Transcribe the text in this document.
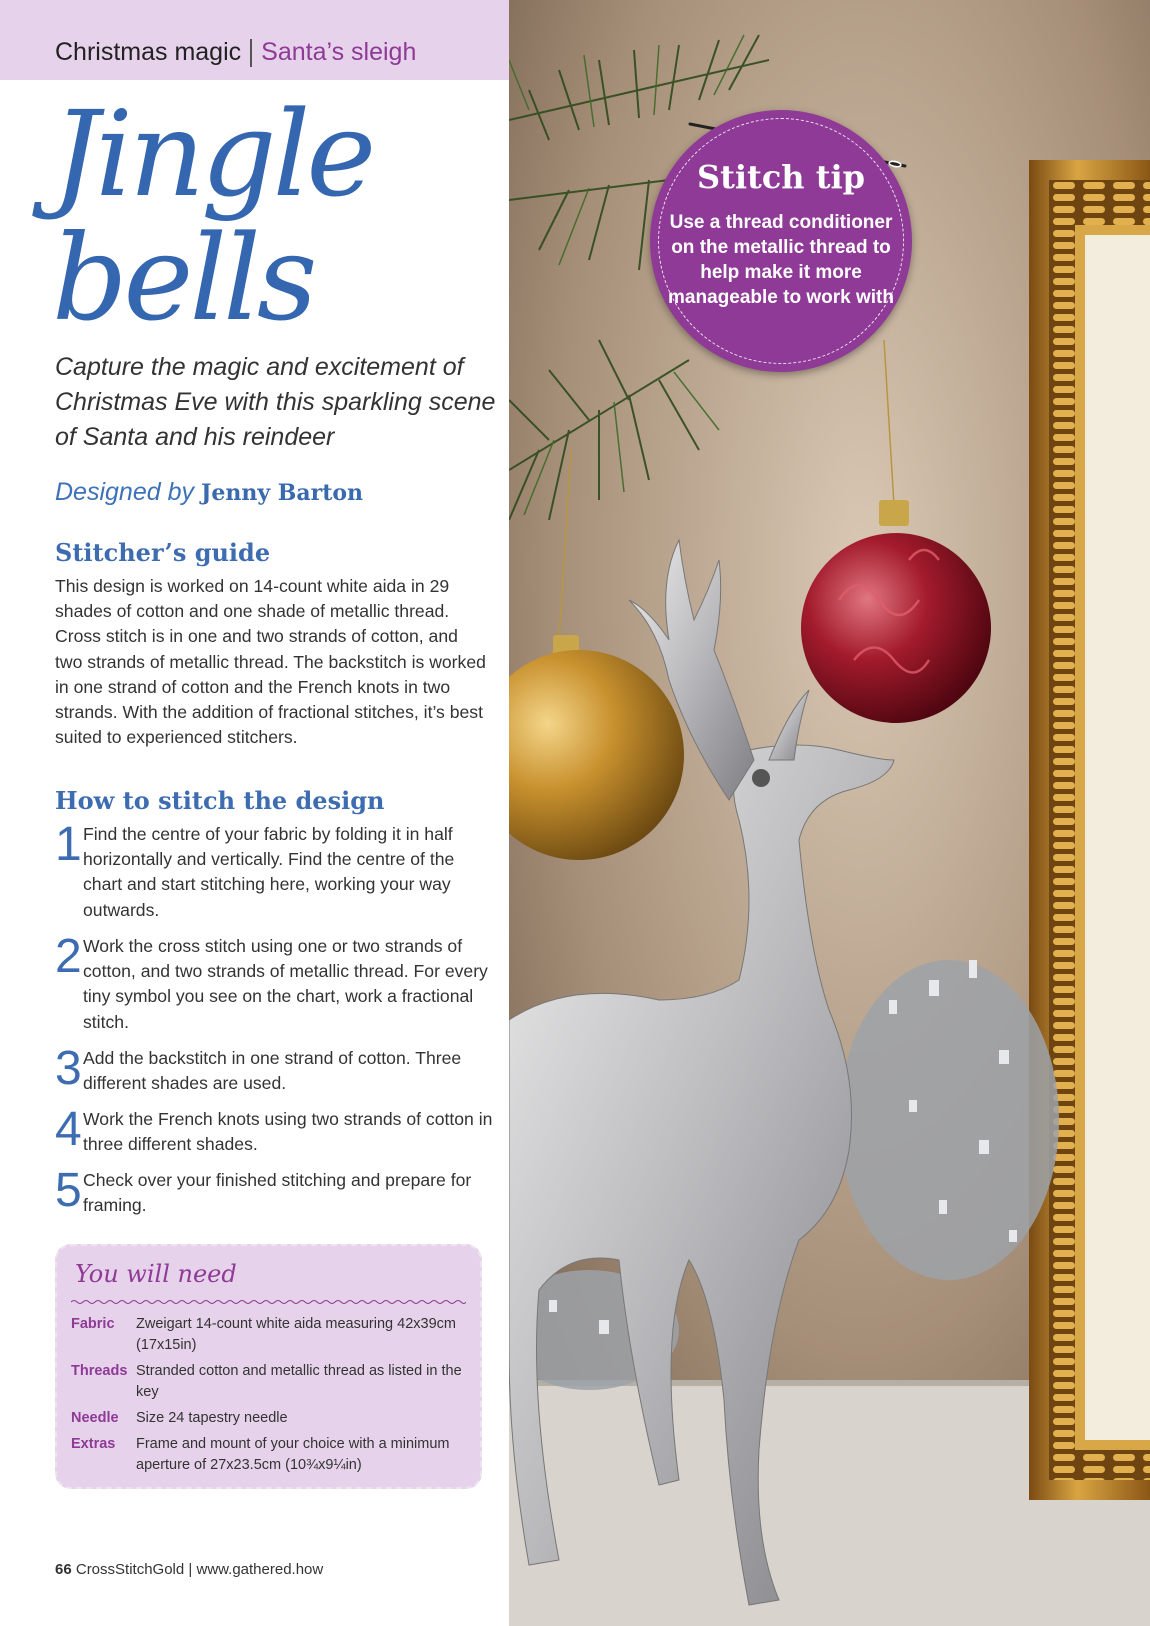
Christmas magic Santa’s sleigh
Jingle
bells
Capture the magic and excitement of Christmas Eve with this sparkling scene of Santa and his reindeer
Designed by Jenny Barton
Stitcher’s guide
This design is worked on 14-count white aida in 29 shades of cotton and one shade of metallic thread. Cross stitch is in one and two strands of cotton, and two strands of metallic thread. The backstitch is worked in one strand of cotton and the French knots in two strands. With the addition of fractional stitches, it’s best suited to experienced stitchers.
How to stitch the design
1 Find the centre of your fabric by folding it in half horizontally and vertically. Find the centre of the chart and start stitching here, working your way outwards.
2 Work the cross stitch using one or two strands of cotton, and two strands of metallic thread. For every tiny symbol you see on the chart, work a fractional stitch.
3 Add the backstitch in one strand of cotton. Three different shades are used.
4 Work the French knots using two strands of cotton in three different shades.
5 Check over your finished stitching and prepare for framing.
You will need
Fabric Zweigart 14-count white aida measuring 42x39cm (17x15in)
Threads Stranded cotton and metallic thread as listed in the key
Needle Size 24 tapestry needle
Extras Frame and mount of your choice with a minimum aperture of 27x23.5cm (10¾x9¼in)
66 CrossStitchGold | www.gathered.how
Stitch tip
Use a thread conditioner on the metallic thread to help make it more manageable to work with
